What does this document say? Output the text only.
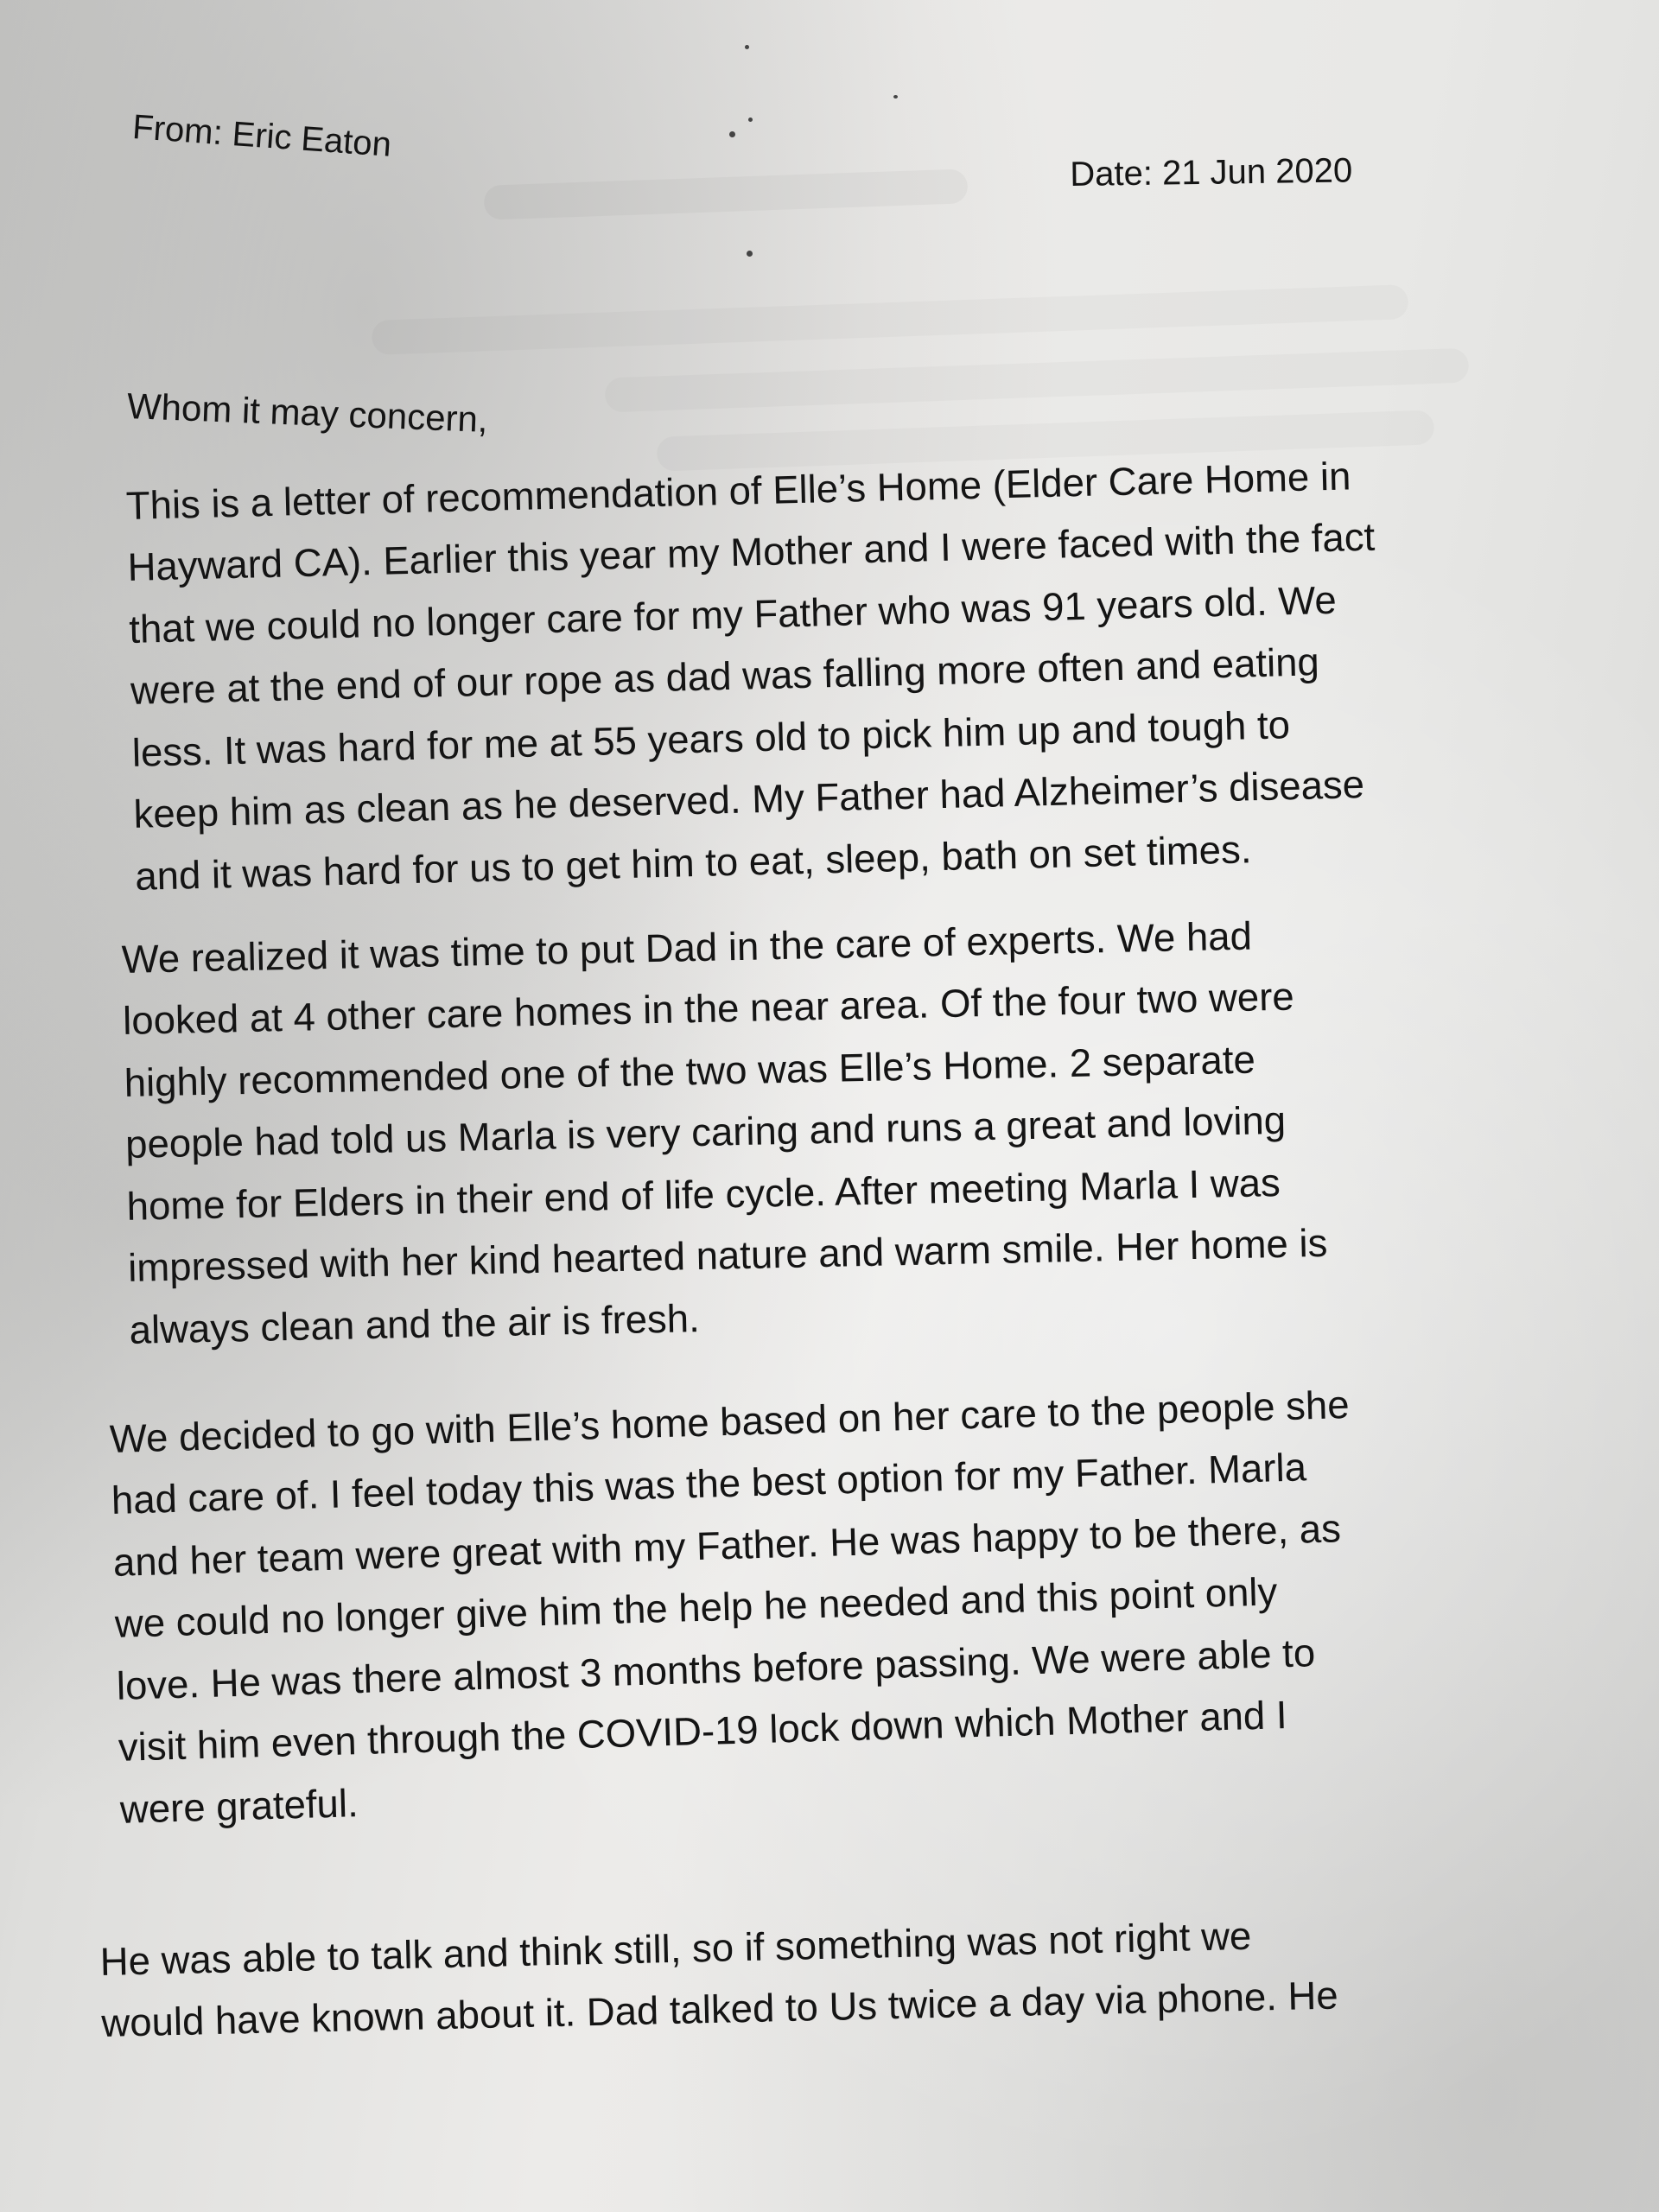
From: Eric Eaton
Date: 21 Jun 2020
Whom it may concern,
This is a letter of recommendation of Elle’s Home (Elder Care Home in
Hayward CA). Earlier this year my Mother and I were faced with the fact
that we could no longer care for my Father who was 91 years old. We
were at the end of our rope as dad was falling more often and eating
less. It was hard for me at 55 years old to pick him up and tough to
keep him as clean as he deserved. My Father had Alzheimer’s disease
and it was hard for us to get him to eat, sleep, bath on set times.
We realized it was time to put Dad in the care of experts. We had
looked at 4 other care homes in the near area. Of the four two were
highly recommended one of the two was Elle’s Home. 2 separate
people had told us Marla is very caring and runs a great and loving
home for Elders in their end of life cycle. After meeting Marla I was
impressed with her kind hearted nature and warm smile. Her home is
always clean and the air is fresh.
We decided to go with Elle’s home based on her care to the people she
had care of. I feel today this was the best option for my Father. Marla
and her team were great with my Father. He was happy to be there, as
we could no longer give him the help he needed and this point only
love. He was there almost 3 months before passing. We were able to
visit him even through the COVID-19 lock down which Mother and I
were grateful.
He was able to talk and think still, so if something was not right we
would have known about it. Dad talked to Us twice a day via phone. He
